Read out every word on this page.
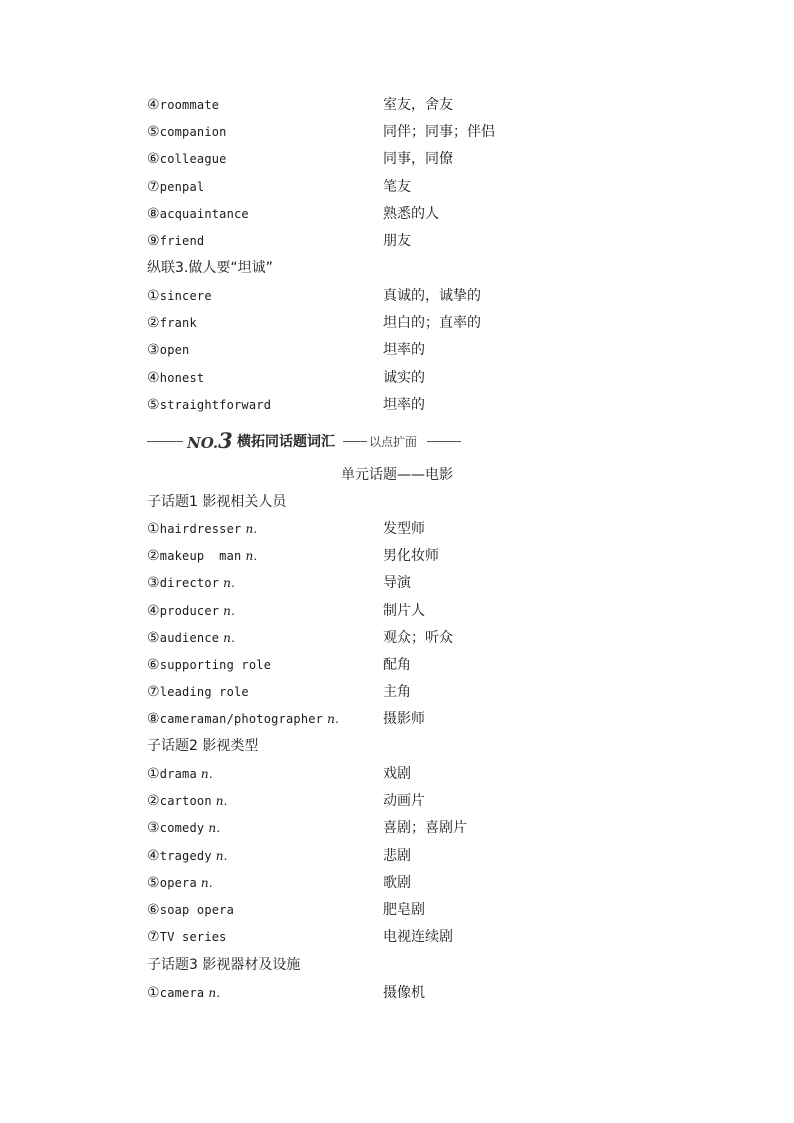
④roommate	室友，舍友
⑤companion	同伴；同事；伴侣
⑥colleague	同事，同僚
⑦penpal	笔友
⑧acquaintance	熟悉的人
⑨friend	朋友
纵联3.做人要“坦诚”
①sincere	真诚的，诚挚的
②frank	坦白的；直率的
③open	坦率的
④honest	诚实的
⑤straightforward	坦率的
NO.3 横拓同话题词汇	以点扩面
单元话题——电影
子话题1 影视相关人员
①hairdresser n.	发型师
②makeup  man n.	男化妆师
③director n.	导演
④producer n.	制片人
⑤audience n.	观众；听众
⑥supporting role	配角
⑦leading role	主角
⑧cameraman/photographer n.	摄影师
子话题2 影视类型
①drama n.	戏剧
②cartoon n.	动画片
③comedy n.	喜剧；喜剧片
④tragedy n.	悲剧
⑤opera n.	歌剧
⑥soap opera	肥皂剧
⑦TV series	电视连续剧
子话题3 影视器材及设施
①camera n.	摄像机
